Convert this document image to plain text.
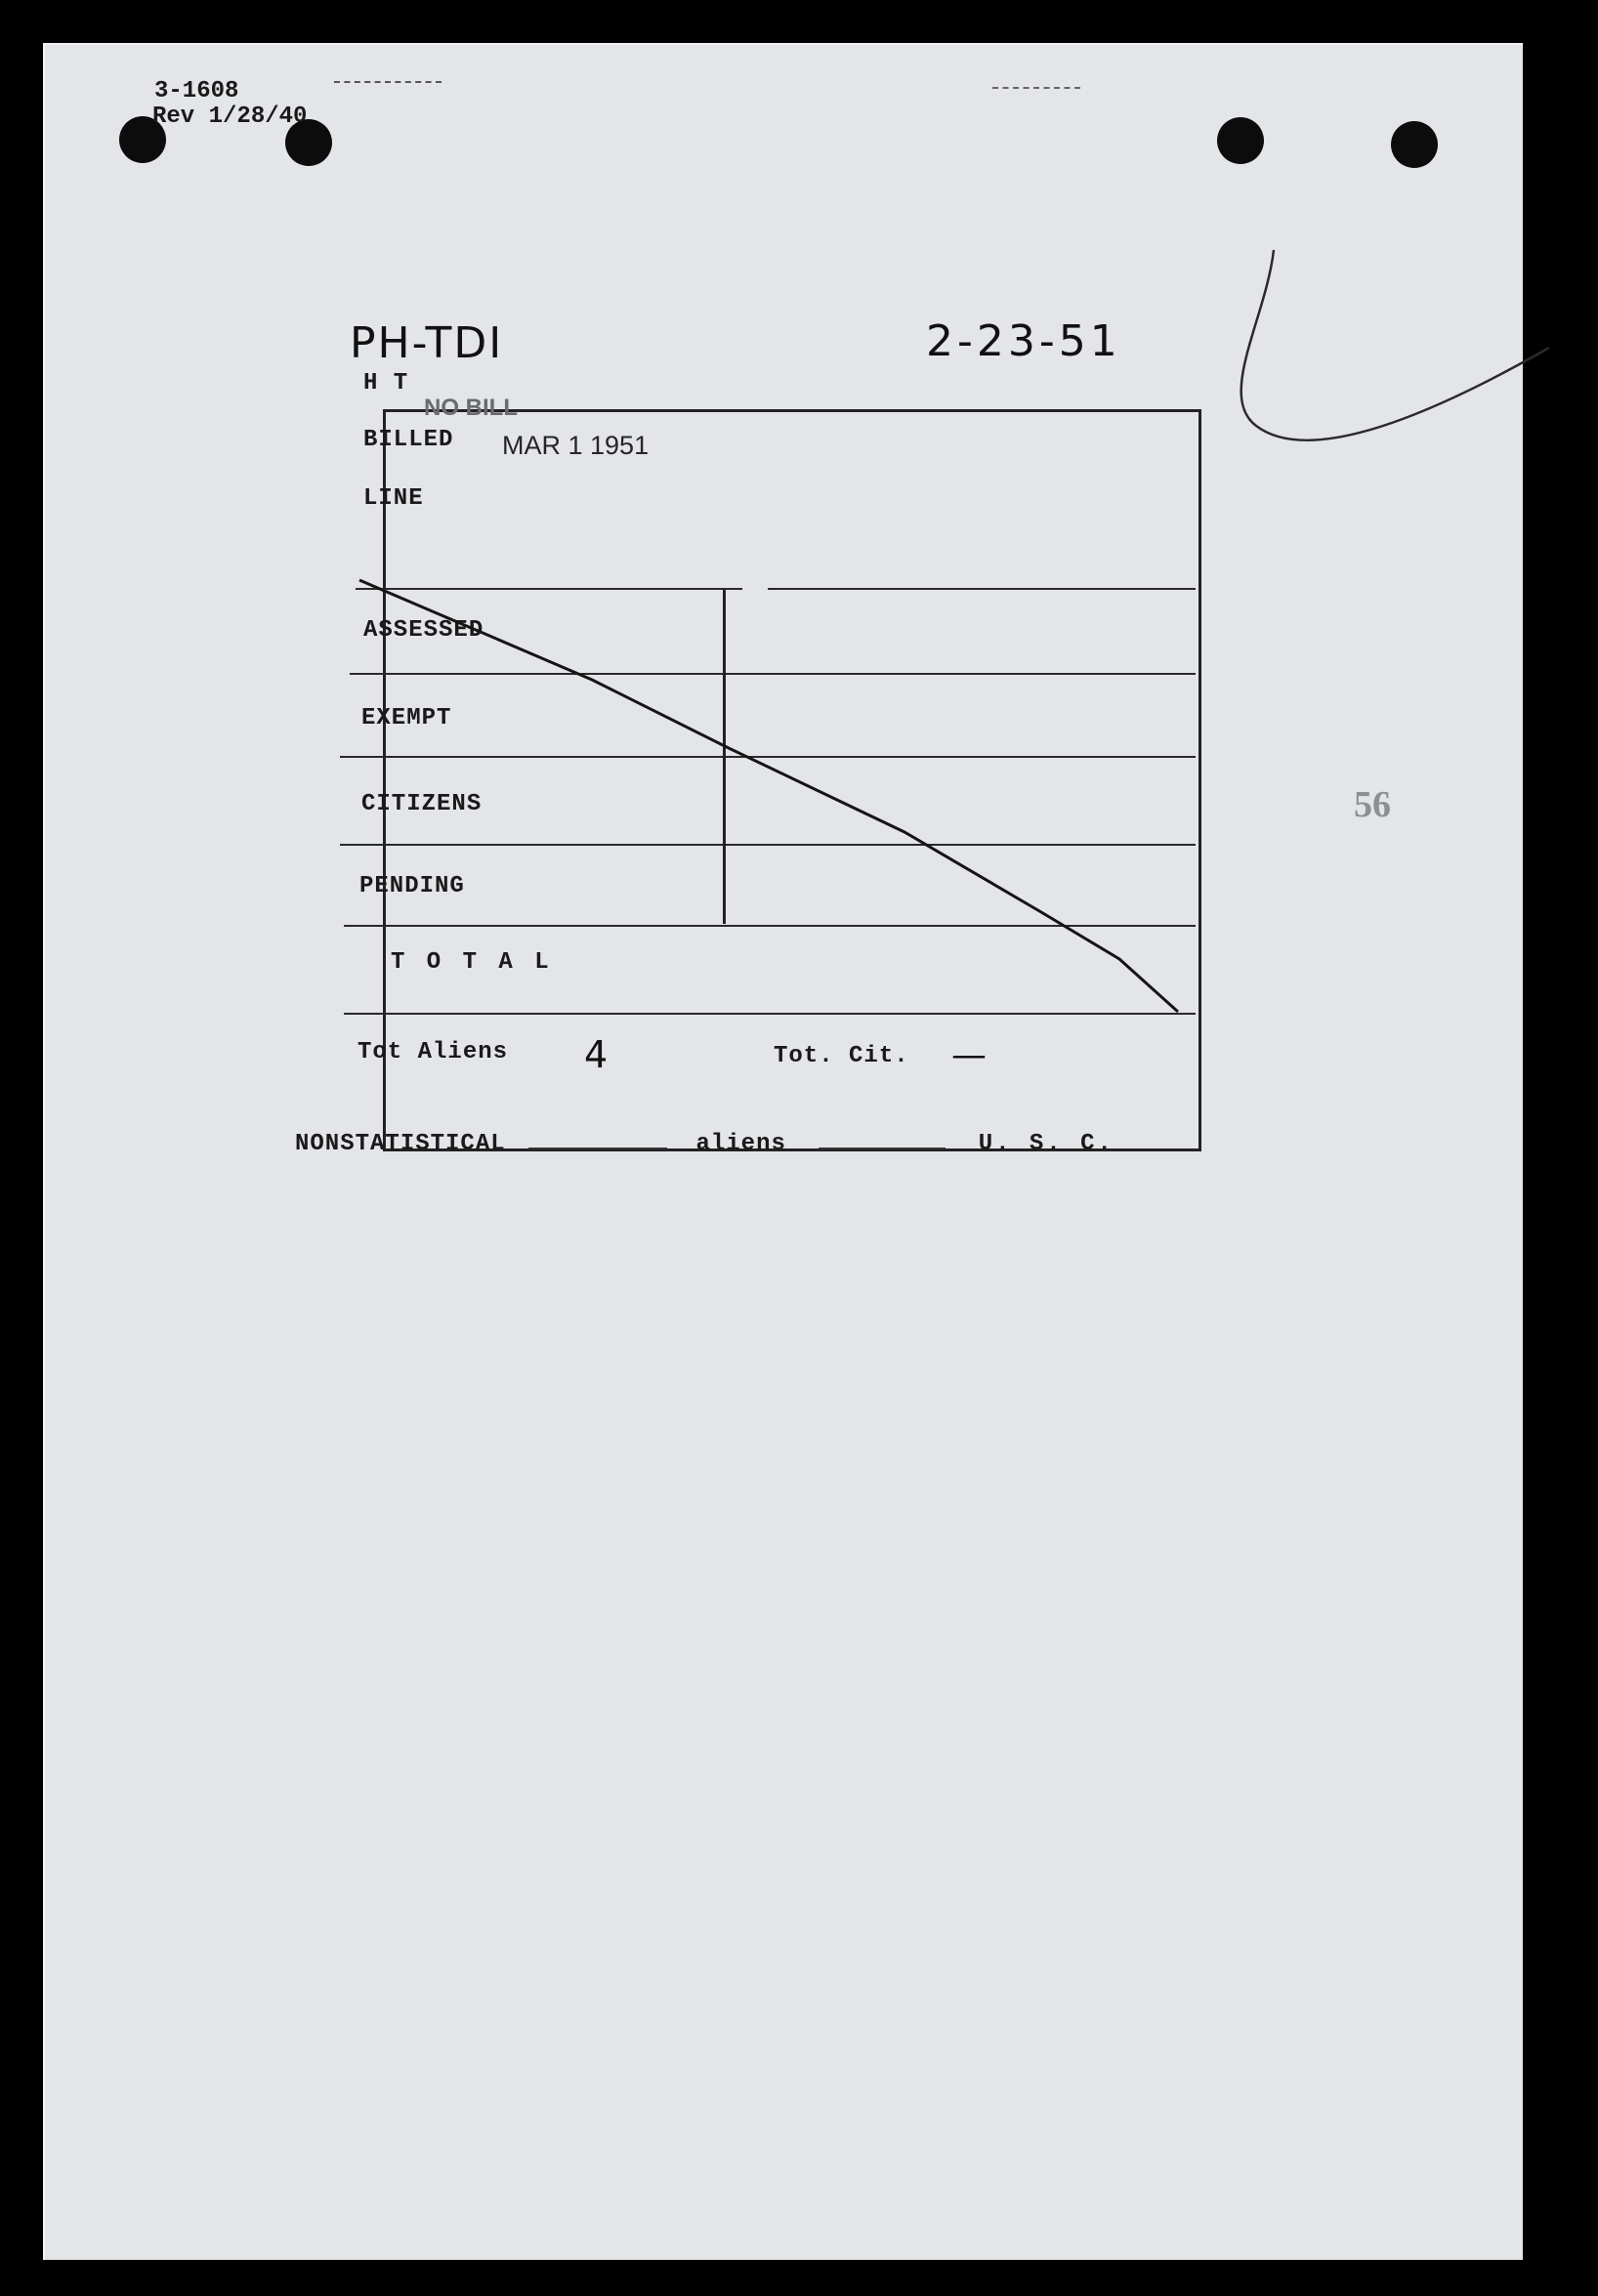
3-1608
Rev 1/28/40
PH-TDI	2-23-51
56
H T
NO BILL
BILLED MAR 1 1951
LINE
ASSESSED
EXEMPT
CITIZENS
PENDING
T O T A L
Tot Aliens 4	Tot. Cit. —
NONSTATISTICAL	aliens	U. S. C.
